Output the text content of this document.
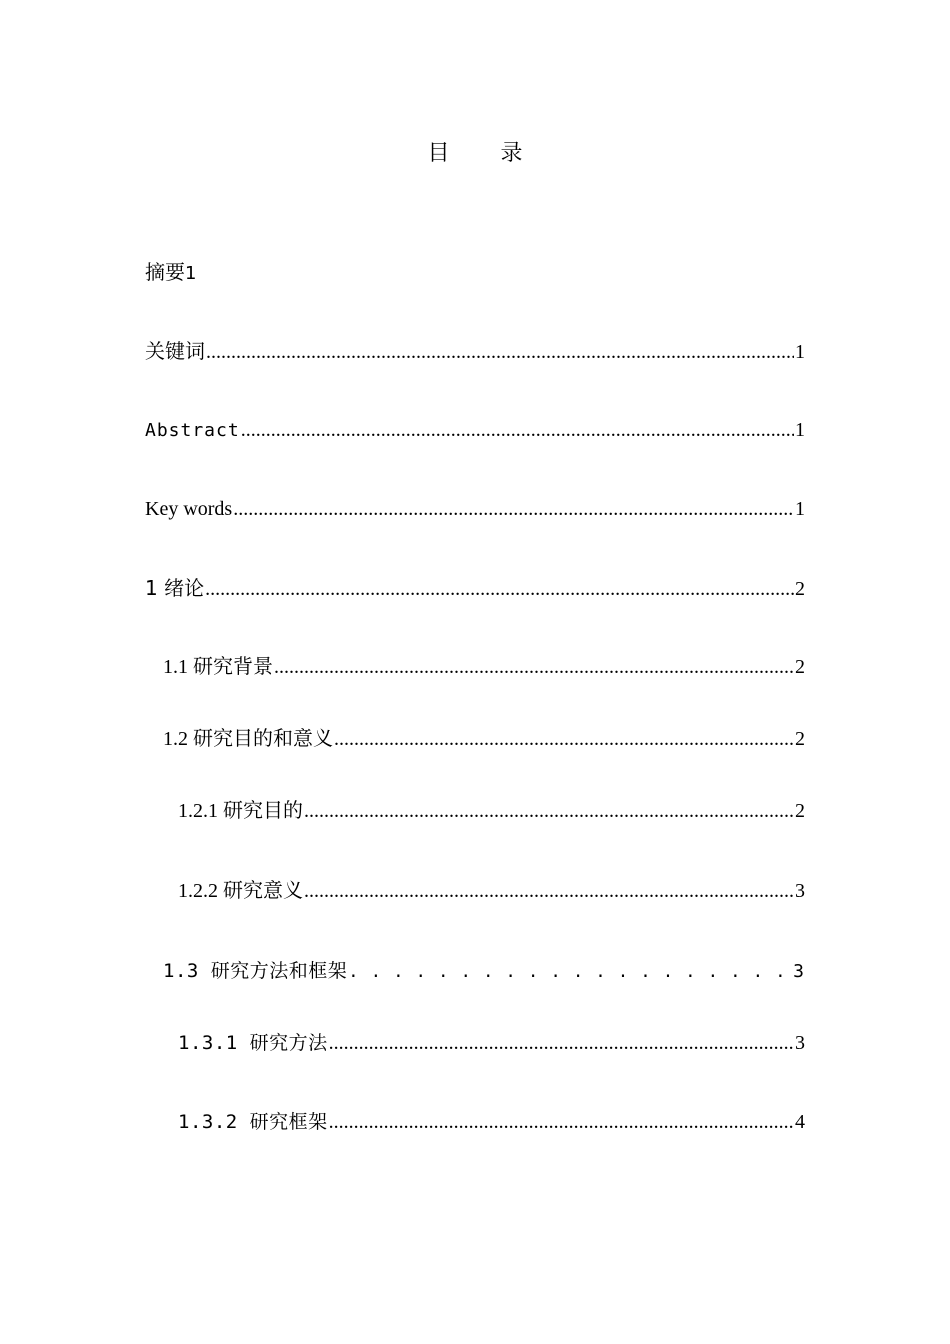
目 录
摘要1
关键词 .....	1
Abstract .....	1
Key words .....	1
1 绪论 .....	2
1.1 研究背景 .....	2
1.2 研究目的和意义 .....	2
1.2.1 研究目的 .....	2
1.2.2 研究意义 .....	3
1.3 研究方法和框架 . . .	3
1.3.1 研究方法 .....	3
1.3.2 研究框架 .....	4
